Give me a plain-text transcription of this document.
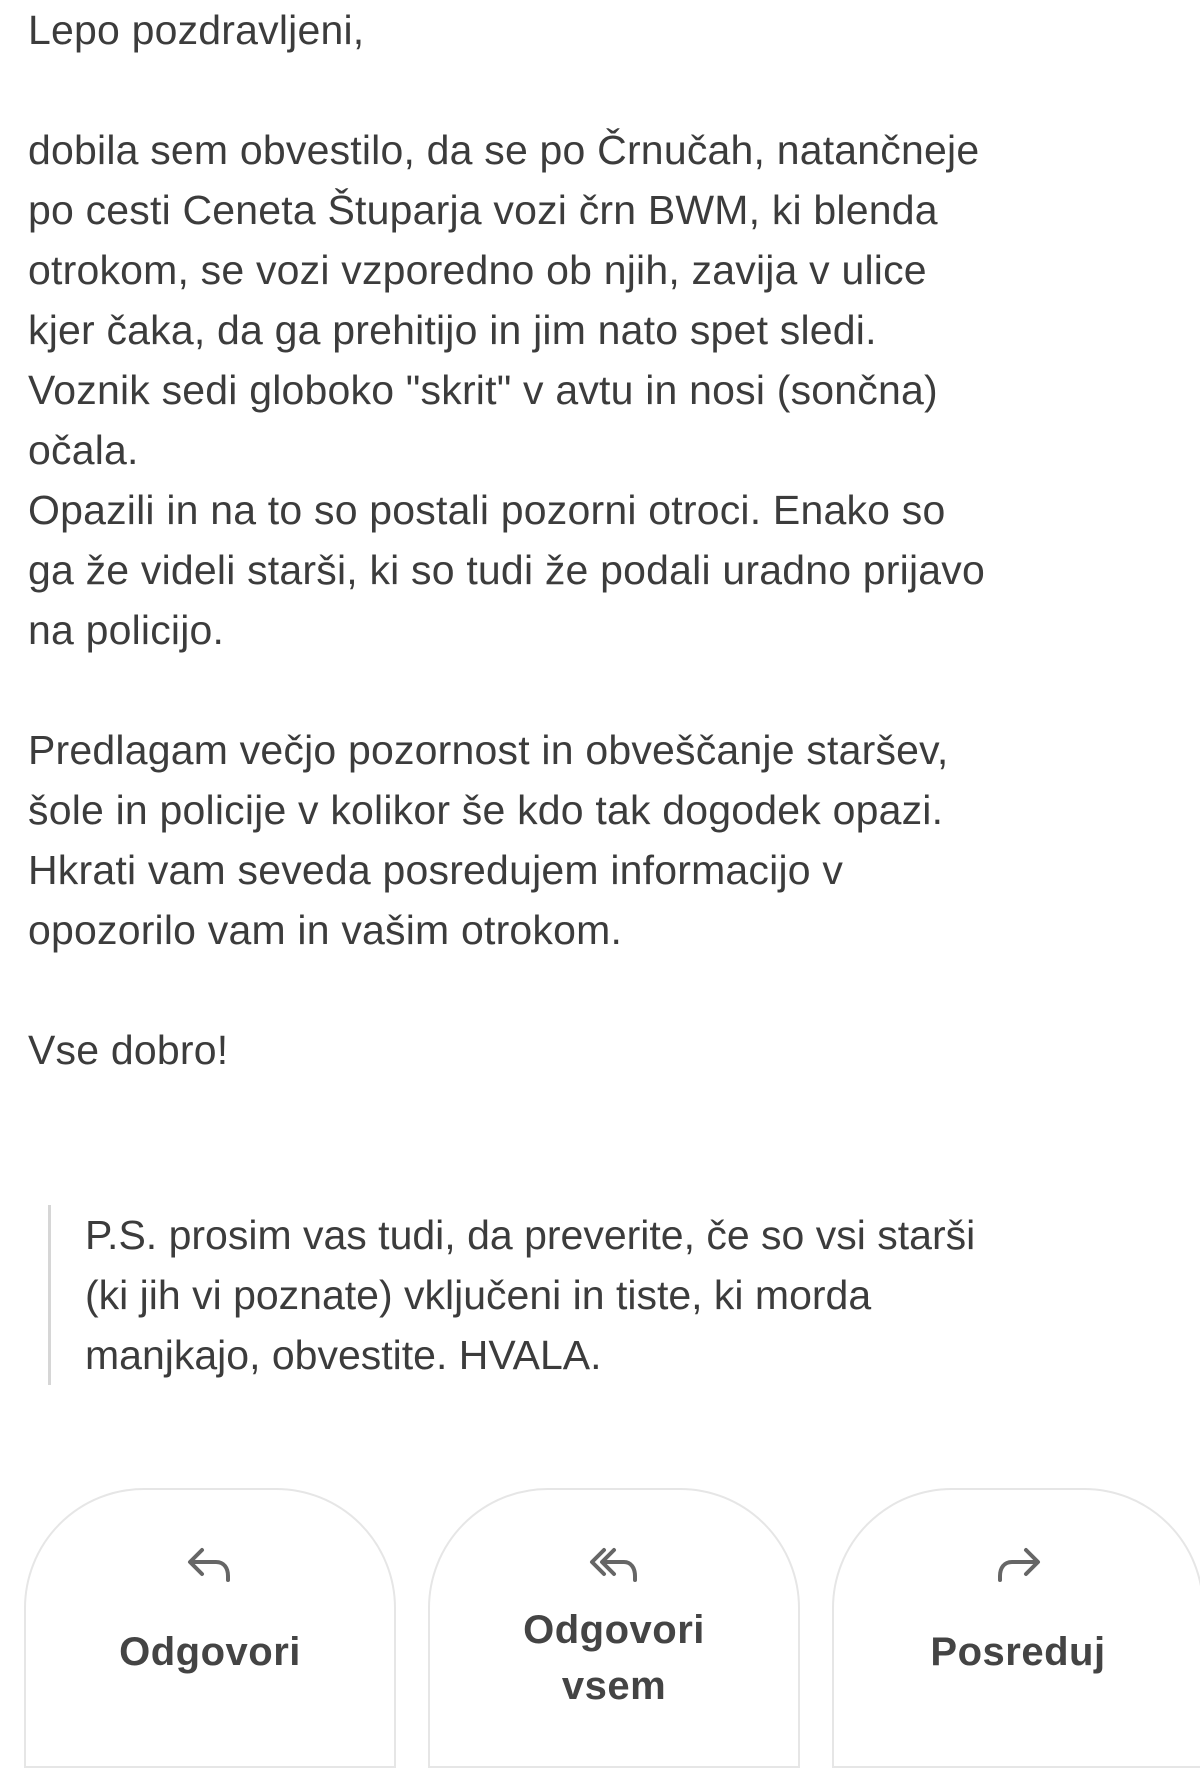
Lepo pozdravljeni,
dobila sem obvestilo, da se po Črnučah, natančneje
po cesti Ceneta Štuparja vozi črn BWM, ki blenda
otrokom, se vozi vzporedno ob njih, zavija v ulice
kjer čaka, da ga prehitijo in jim nato spet sledi.
Voznik sedi globoko "skrit" v avtu in nosi (sončna)
očala.
Opazili in na to so postali pozorni otroci. Enako so
ga že videli starši, ki so tudi že podali uradno prijavo
na policijo.
Predlagam večjo pozornost in obveščanje staršev,
šole in policije v kolikor še kdo tak dogodek opazi.
Hkrati vam seveda posredujem informacijo v
opozorilo vam in vašim otrokom.
Vse dobro!
P.S. prosim vas tudi, da preverite, če so vsi starši
(ki jih vi poznate) vključeni in tiste, ki morda
manjkajo, obvestite. HVALA.
Odgovori	Odgovori
vsem
Posreduj
